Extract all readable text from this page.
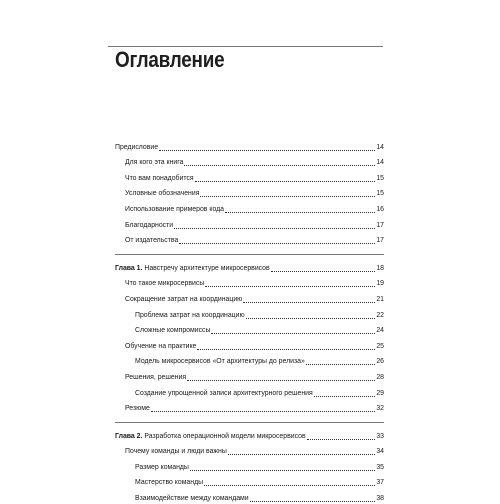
Оглавление
Предисловие	14
Для кого эта книга	14
Что вам понадобится	15
Условные обозначения	15
Использование примеров кода	16
Благодарности	17
От издательства	17
Глава 1. Навстречу архитектуре микросервисов	18
Что такое микросервисы	19
Сокращение затрат на координацию	21
Проблема затрат на координацию	22
Сложные компромиссы	24
Обучение на практике	25
Модель микросервисов «От архитектуры до релиза»	26
Решения, решения	28
Создание упрощенной записи архитектурного решения	29
Резюме	32
Глава 2. Разработка операционной модели микросервисов	33
Почему команды и люди важны	34
Размер команды	35
Мастерство команды	37
Взаимодействие между командами	38
